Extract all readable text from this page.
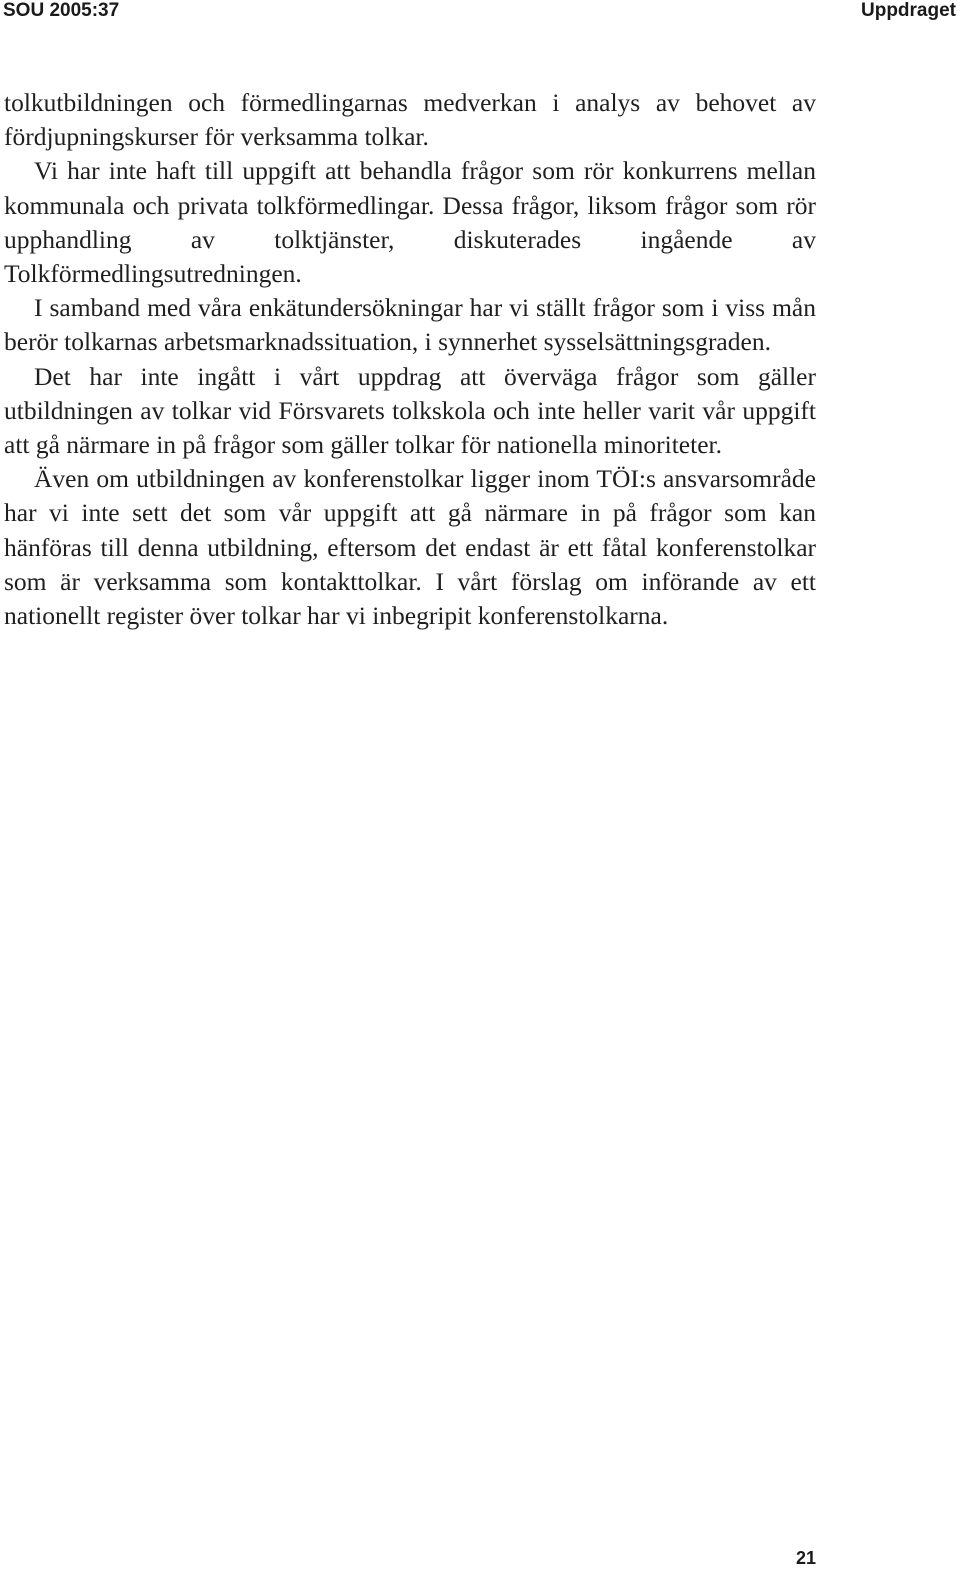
SOU 2005:37	Uppdraget

tolkutbildningen och förmedlingarnas medverkan i analys av behovet av fördjupningskurser för verksamma tolkar.

Vi har inte haft till uppgift att behandla frågor som rör konkurrens mellan kommunala och privata tolkförmedlingar. Dessa frågor, liksom frågor som rör upphandling av tolktjänster, diskuterades ingående av Tolkförmedlingsutredningen.

I samband med våra enkätundersökningar har vi ställt frågor som i viss mån berör tolkarnas arbetsmarknadssituation, i synnerhet sysselsättningsgraden.

Det har inte ingått i vårt uppdrag att överväga frågor som gäller utbildningen av tolkar vid Försvarets tolkskola och inte heller varit vår uppgift att gå närmare in på frågor som gäller tolkar för nationella minoriteter.

Även om utbildningen av konferenstolkar ligger inom TÖI:s ansvarsområde har vi inte sett det som vår uppgift att gå närmare in på frågor som kan hänföras till denna utbildning, eftersom det endast är ett fåtal konferenstolkar som är verksamma som kontakttolkar. I vårt förslag om införande av ett nationellt register över tolkar har vi inbegripit konferenstolkarna.

21
